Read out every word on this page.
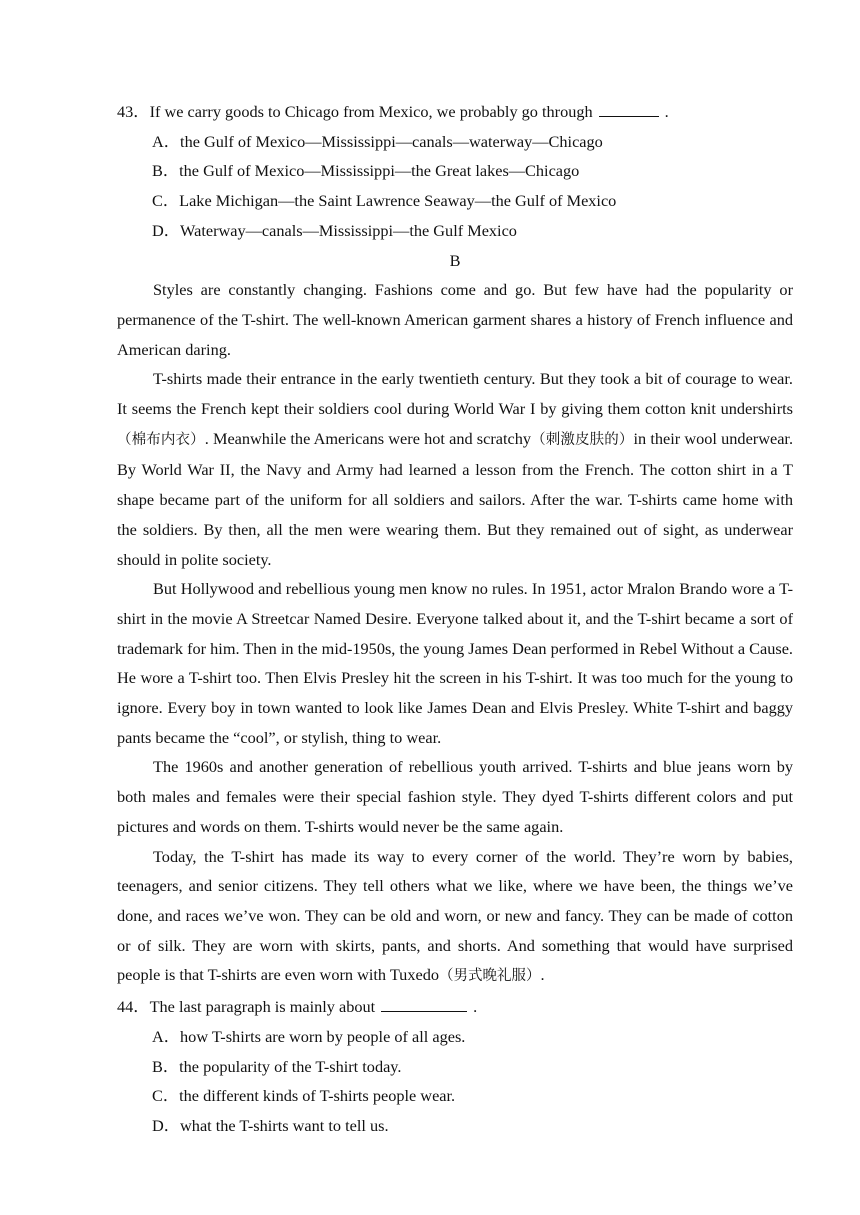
43．If we carry goods to Chicago from Mexico, we probably go through	.
A．the Gulf of Mexico—Mississippi—canals—waterway—Chicago
B．the Gulf of Mexico—Mississippi—the Great lakes—Chicago
C．Lake Michigan—the Saint Lawrence Seaway—the Gulf of Mexico
D．Waterway—canals—Mississippi—the Gulf Mexico
B

Styles are constantly changing. Fashions come and go. But few have had the popularity or permanence of the T-shirt. The well-known American garment shares a history of French influence and American daring.

T-shirts made their entrance in the early twentieth century. But they took a bit of courage to wear. It seems the French kept their soldiers cool during World War I by giving them cotton knit undershirts（棉布内衣）. Meanwhile the Americans were hot and scratchy（刺激皮肤的）in their wool underwear. By World War II, the Navy and Army had learned a lesson from the French. The cotton shirt in a T shape became part of the uniform for all soldiers and sailors. After the war. T-shirts came home with the soldiers. By then, all the men were wearing them. But they remained out of sight, as underwear should in polite society.

But Hollywood and rebellious young men know no rules. In 1951, actor Mralon Brando wore a T-shirt in the movie A Streetcar Named Desire. Everyone talked about it, and the T-shirt became a sort of trademark for him. Then in the mid-1950s, the young James Dean performed in Rebel Without a Cause. He wore a T-shirt too. Then Elvis Presley hit the screen in his T-shirt. It was too much for the young to ignore. Every boy in town wanted to look like James Dean and Elvis Presley. White T-shirt and baggy pants became the “cool”, or stylish, thing to wear.

The 1960s and another generation of rebellious youth arrived. T-shirts and blue jeans worn by both males and females were their special fashion style. They dyed T-shirts different colors and put pictures and words on them. T-shirts would never be the same again.

Today, the T-shirt has made its way to every corner of the world. They’re worn by babies, teenagers, and senior citizens. They tell others what we like, where we have been, the things we’ve done, and races we’ve won. They can be old and worn, or new and fancy. They can be made of cotton or of silk. They are worn with skirts, pants, and shorts. And something that would have surprised people is that T-shirts are even worn with Tuxedo（男式晚礼服）.

44．The last paragraph is mainly about	.
A．how T-shirts are worn by people of all ages.
B．the popularity of the T-shirt today.
C．the different kinds of T-shirts people wear.
D．what the T-shirts want to tell us.
